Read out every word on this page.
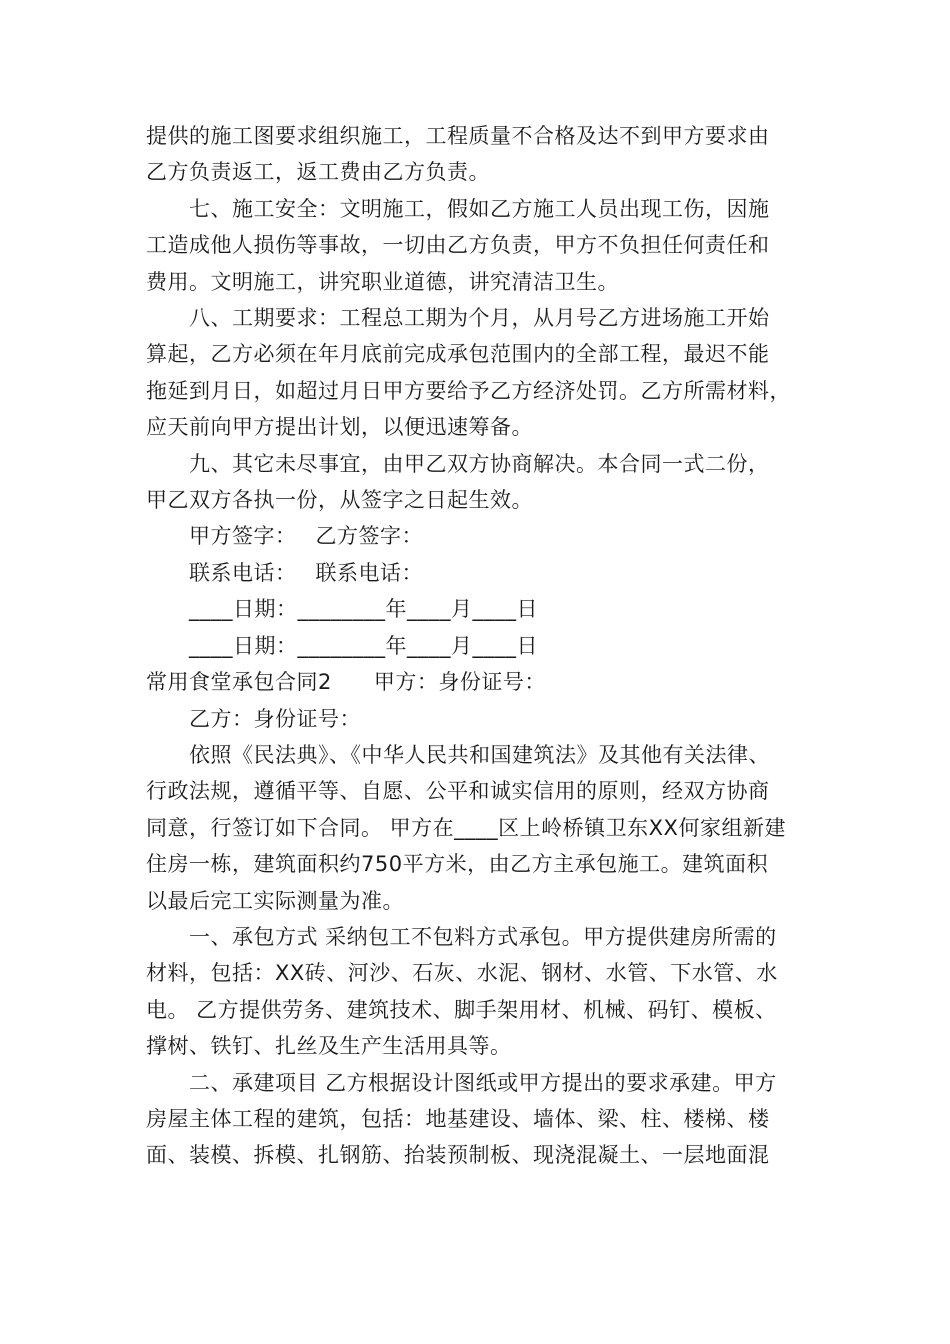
提供的施工图要求组织施工，工程质量不合格及达不到甲方要求由

乙方负责返工，返工费由乙方负责。

七、施工安全：文明施工，假如乙方施工人员出现工伤，因施

工造成他人损伤等事故，一切由乙方负责，甲方不负担任何责任和

费用。文明施工，讲究职业道德，讲究清洁卫生。

八、工期要求：工程总工期为个月，从月号乙方进场施工开始

算起，乙方必须在年月底前完成承包范围内的全部工程，最迟不能

拖延到月日，如超过月日甲方要给予乙方经济处罚。乙方所需材料，

应天前向甲方提出计划，以便迅速筹备。

九、其它未尽事宜，由甲乙双方协商解决。本合同一式二份，

甲乙双方各执一份，从签字之日起生效。

甲方签字： 乙方签字：

联系电话： 联系电话：

____日期：________年____月____日

____日期：________年____月____日

常用食堂承包合同2 甲方：身份证号：

乙方：身份证号：

依照《民法典》、《中华人民共和国建筑法》及其他有关法律、

行政法规，遵循平等、自愿、公平和诚实信用的原则，经双方协商

同意，行签订如下合同。 甲方在____区上岭桥镇卫东XX何家组新建

住房一栋，建筑面积约750平方米，由乙方主承包施工。建筑面积

以最后完工实际测量为准。

一、承包方式 采纳包工不包料方式承包。甲方提供建房所需的

材料，包括：XX砖、河沙、石灰、水泥、钢材、水管、下水管、水

电。 乙方提供劳务、建筑技术、脚手架用材、机械、码钉、模板、

撑树、铁钉、扎丝及生产生活用具等。

二、承建项目 乙方根据设计图纸或甲方提出的要求承建。甲方

房屋主体工程的建筑，包括：地基建设、墙体、梁、柱、楼梯、楼

面、装模、拆模、扎钢筋、抬装预制板、现浇混凝土、一层地面混
